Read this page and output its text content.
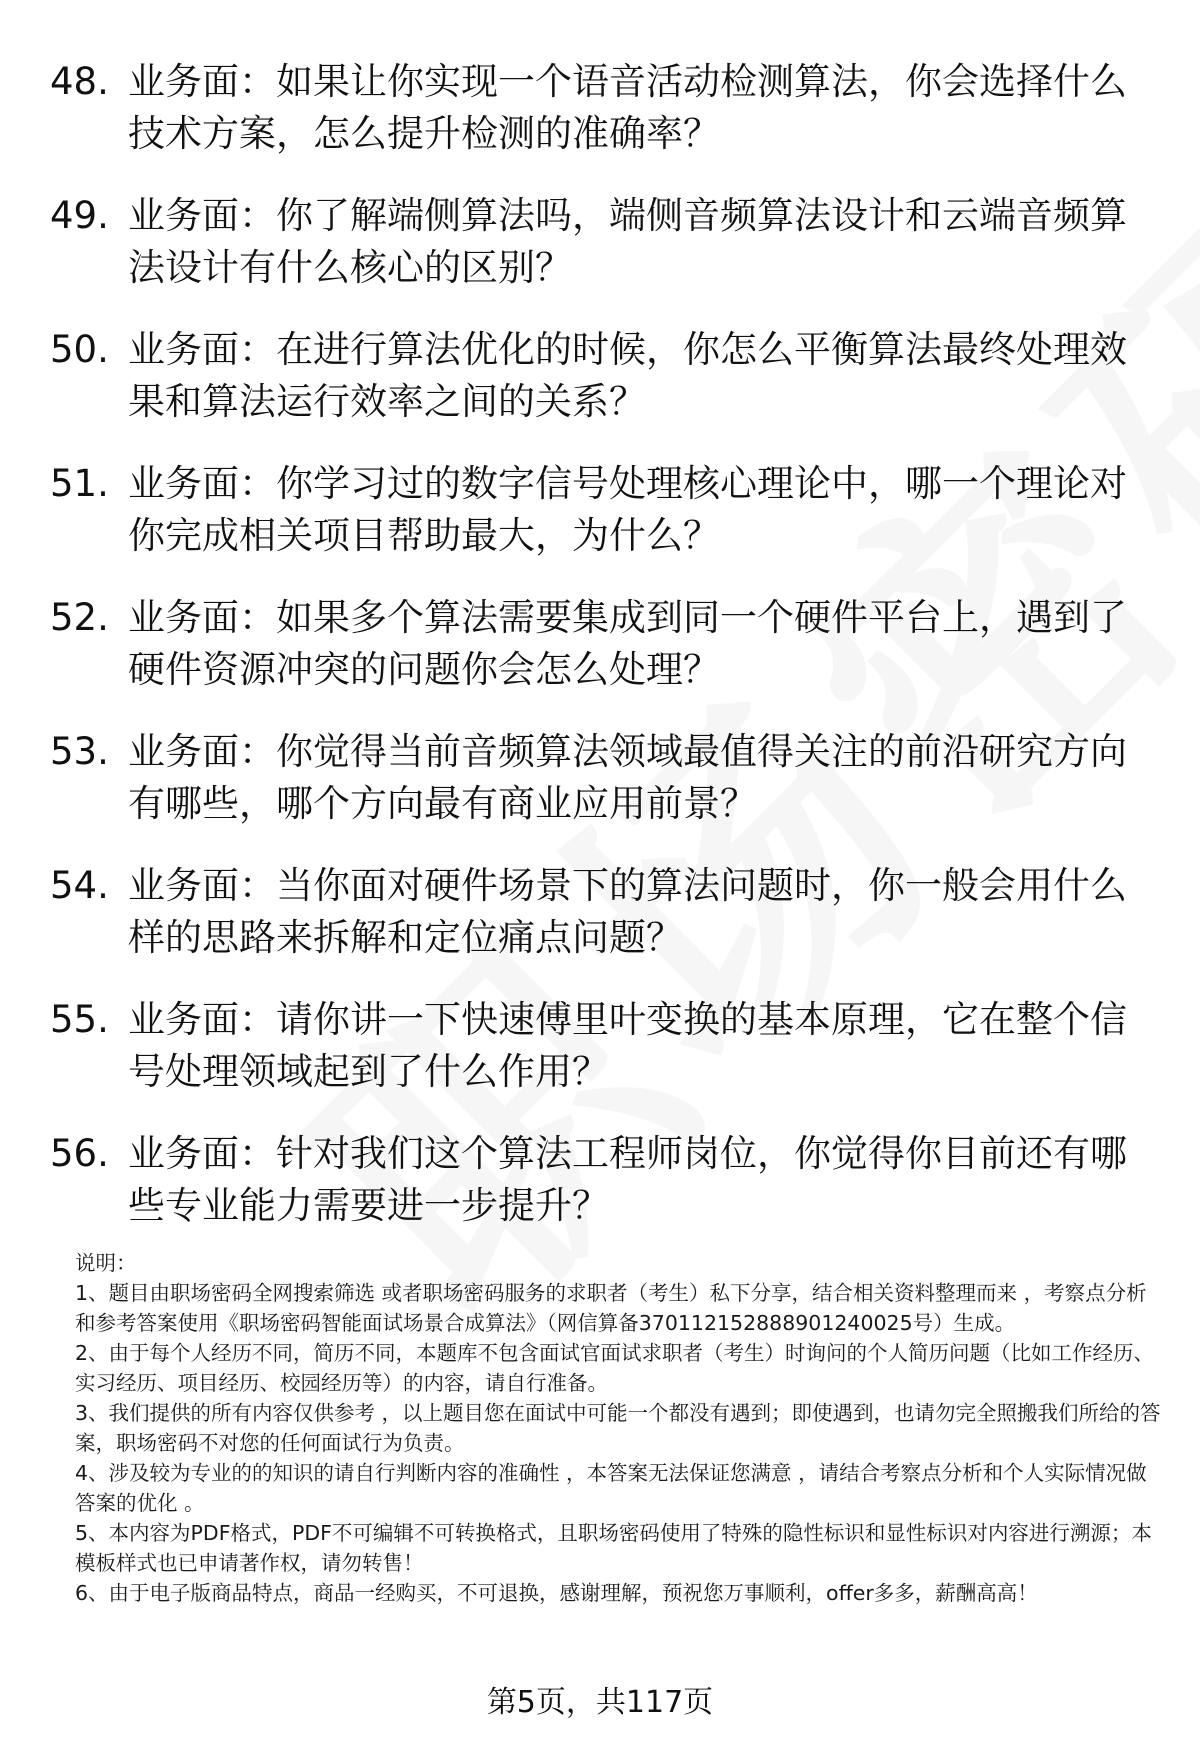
48. 业务面：如果让你实现一个语音活动检测算法，你会选择什么技术方案，怎么提升检测的准确率？
49. 业务面：你了解端侧算法吗，端侧音频算法设计和云端音频算法设计有什么核心的区别？
50. 业务面：在进行算法优化的时候，你怎么平衡算法最终处理效果和算法运行效率之间的关系？
51. 业务面：你学习过的数字信号处理核心理论中，哪一个理论对你完成相关项目帮助最大，为什么？
52. 业务面：如果多个算法需要集成到同一个硬件平台上，遇到了硬件资源冲突的问题你会怎么处理？
53. 业务面：你觉得当前音频算法领域最值得关注的前沿研究方向有哪些，哪个方向最有商业应用前景？
54. 业务面：当你面对硬件场景下的算法问题时，你一般会用什么样的思路来拆解和定位痛点问题？
55. 业务面：请你讲一下快速傅里叶变换的基本原理，它在整个信号处理领域起到了什么作用？
56. 业务面：针对我们这个算法工程师岗位，你觉得你目前还有哪些专业能力需要进一步提升？

说明：

1、题目由职场密码全网搜索筛选 或者职场密码服务的求职者（考生）私下分享，结合相关资料整理而来 ，考察点分析和参考答案使用《职场密码智能面试场景合成算法》（网信算备370112152888901240025号）生成。

2、由于每个人经历不同，简历不同，本题库不包含面试官面试求职者（考生）时询问的个人简历问题（比如工作经历、实习经历、项目经历、校园经历等）的内容，请自行准备。

3、我们提供的所有内容仅供参考 ，以上题目您在面试中可能一个都没有遇到；即使遇到，也请勿完全照搬我们所给的答案，职场密码不对您的任何面试行为负责。

4、涉及较为专业的的知识的请自行判断内容的准确性 ，本答案无法保证您满意 ，请结合考察点分析和个人实际情况做答案的优化 。

5、本内容为PDF格式，PDF不可编辑不可转换格式，且职场密码使用了特殊的隐性标识和显性标识对内容进行溯源；本模板样式也已申请著作权，请勿转售！

6、由于电子版商品特点，商品一经购买，不可退换，感谢理解，预祝您万事顺利，offer多多，薪酬高高！

第5页，共117页
